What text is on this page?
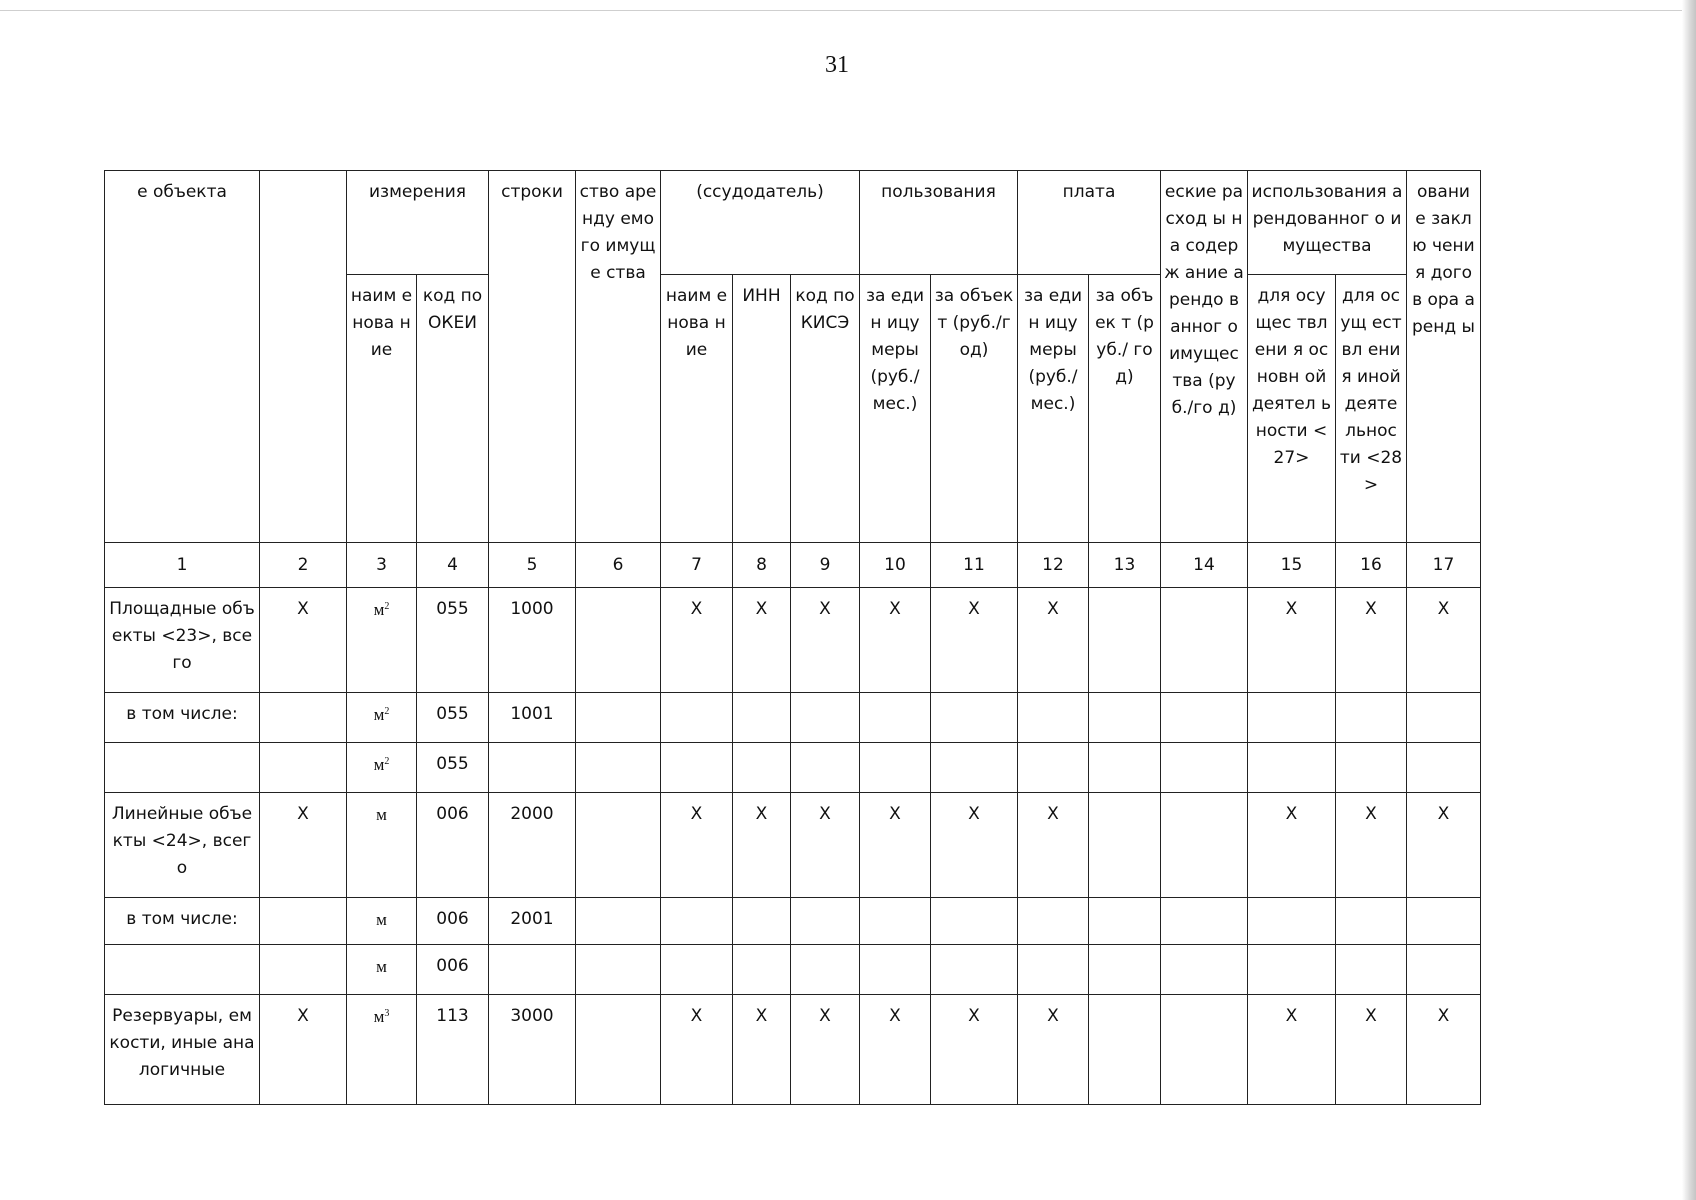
31
е объекта		измерения		строки	ство аренду емого имуще ства	(ссудодатель)			пользования		плата		еские расход ы на содерж ание арендо ванног о имущес тва (руб./го д)	использования арендованног о имущества		овани е заклю чения догов ора аренд ы
		наим енова ние	код по ОКЕИ			наим енова ние	ИНН	код по КИСЭ	за един ицу меры (руб./ мес.)	за объект (руб./г од)	за един ицу меры (руб./ мес.)	за объек т (руб./ год)		для осущес твлени я основн ой деятел ьности <27>	для осущ ествл ения иной деяте льнос ти <28>	
1	2	3	4	5	6	7	8	9	10	11	12	13	14	15	16	17
Площадные объекты <23>, всего	X	$м^2$	055	1000		X	X	X	X	X	X			X	X	X
в том числе:		$м^2$	055	1001												
		$м^2$	055													
Линейные объекты <24>, всего	X	м	006	2000		X	X	X	X	X	X			X	X	X
в том числе:		м	006	2001												
		м	006													
Резервуары, емкости, иные аналогичные	X	$м^3$	113	3000		X	X	X	X	X	X			X	X	X
